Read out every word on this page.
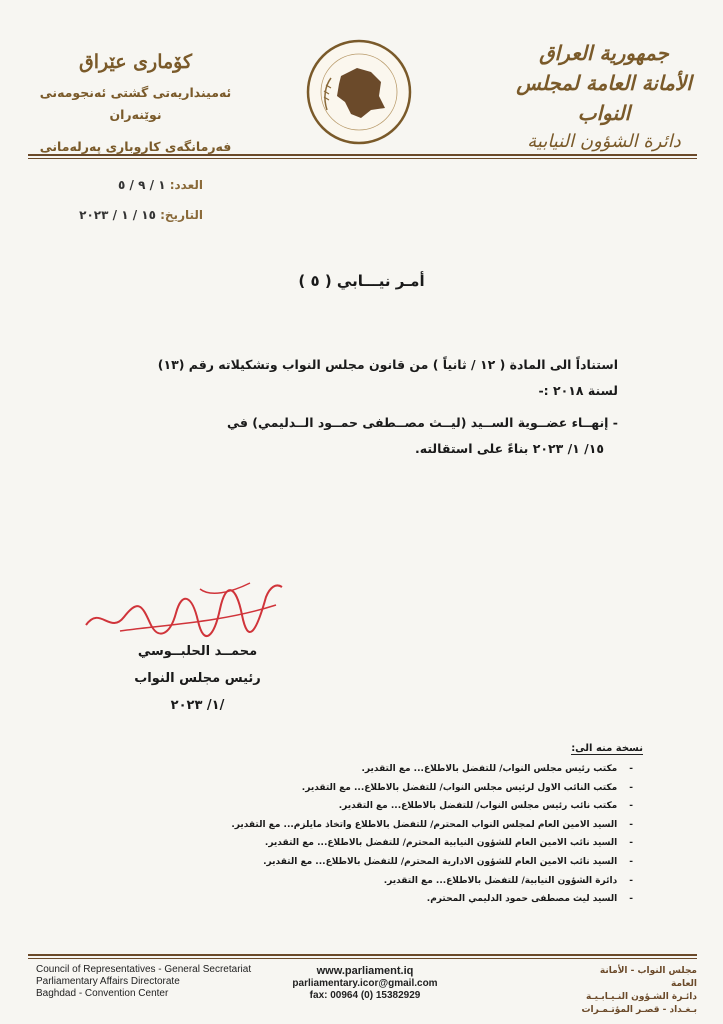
کۆماری عێراق
ئەمینداریەتی گشتی ئەنجومەنی نوێنەران
فەرمانگەی کاروباری پەرلەمانی
جمهورية العراق
الأمانة العامة لمجلس النواب
دائرة الشؤون النيابية
العدد: ١ / ٩ / ٥
التاريخ: ١٥ / ١ / ٢٠٢٣
أمـر نيـــابي ( ٥ )
استناداً الى المادة ( ١٢ / ثانياً ) من قانون مجلس النواب وتشكيلاته رقم (١٣)
لسنة ٢٠١٨ :-
- إنهــاء عضــوية الســيد (ليــث مصــطفى حمــود الــدليمي) في
١٥/ ١/ ٢٠٢٣ بناءً على استقالته.
محمــد الحلبــوسي
رئيس مجلس النواب
/١/ ٢٠٢٣
نسخة منه الى:
- مكتب رئيس مجلس النواب/ للتفضل بالاطلاع... مع التقدير.
- مكتب النائب الاول لرئيس مجلس النواب/ للتفضل بالاطلاع... مع التقدير.
- مكتب نائب رئيس مجلس النواب/ للتفضل بالاطلاع... مع التقدير.
- السيد الامين العام لمجلس النواب المحترم/ للتفضل بالاطلاع واتخاذ مايلزم... مع التقدير.
- السيد نائب الامين العام للشؤون النيابية المحترم/ للتفضل بالاطلاع... مع التقدير.
- السيد نائب الامين العام للشؤون الادارية المحترم/ للتفضل بالاطلاع... مع التقدير.
- دائرة الشؤون النيابية/ للتفضل بالاطلاع... مع التقدير.
- السيد ليث مصطفى حمود الدليمي المحترم.
Council of Representatives - General Secretariat
Parliamentary Affairs Directorate
Baghdad - Convention Center
www.parliament.iq
parliamentary.icor@gmail.com
fax: 00964 (0) 15382929
مجلس النواب - الأمانة العامة
دائـرة الشـؤون النـيـابـيـة
بـغـداد - قصـر المؤتـمـرات
